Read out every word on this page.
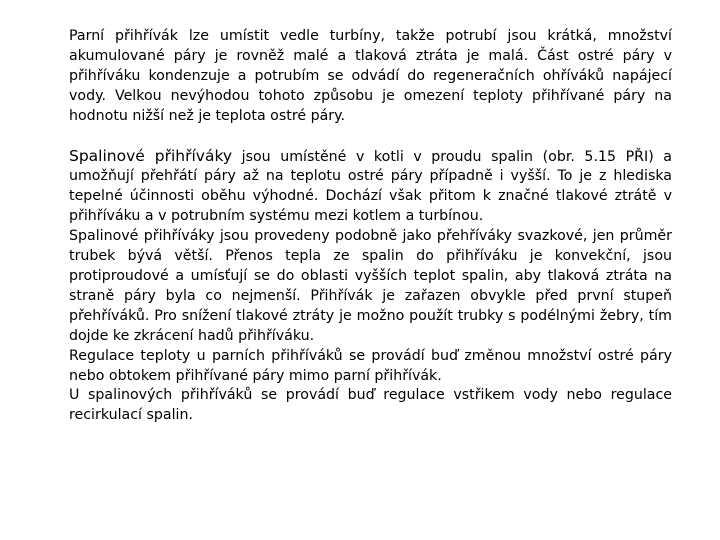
Parní přihřívák lze umístit vedle turbíny, takže potrubí jsou krátká, množství akumulované páry je rovněž malé a tlaková ztráta je malá. Část ostré páry v přihříváku kondenzuje a potrubím se odvádí do regeneračních ohříváků napájecí vody. Velkou nevýhodou tohoto způsobu je omezení teploty přihřívané páry na hodnotu nižší než je teplota ostré páry.

Spalinové přihříváky jsou umístěné v kotli v proudu spalin (obr. 5.15 PŘI) a umožňují přehřátí páry až na teplotu ostré páry případně i vyšší. To je z hlediska tepelné účinnosti oběhu výhodné. Dochází však přitom k značné tlakové ztrátě v přihříváku a v potrubním systému mezi kotlem a turbínou.

Spalinové přihříváky jsou provedeny podobně jako přehříváky svazkové, jen průměr trubek bývá větší. Přenos tepla ze spalin do přihříváku je konvekční, jsou protiproudové a umísťují se do oblasti vyšších teplot spalin, aby tlaková ztráta na straně páry byla co nejmenší. Přihřívák je zařazen obvykle před první stupeň přehříváků. Pro snížení tlakové ztráty je možno použít trubky s podélnými žebry, tím dojde ke zkrácení hadů přihříváku.

Regulace teploty u parních přihříváků se provádí buď změnou množství ostré páry nebo obtokem přihřívané páry mimo parní přihřívák.

U spalinových přihříváků se provádí buď regulace vstřikem vody nebo regulace recirkulací spalin.
